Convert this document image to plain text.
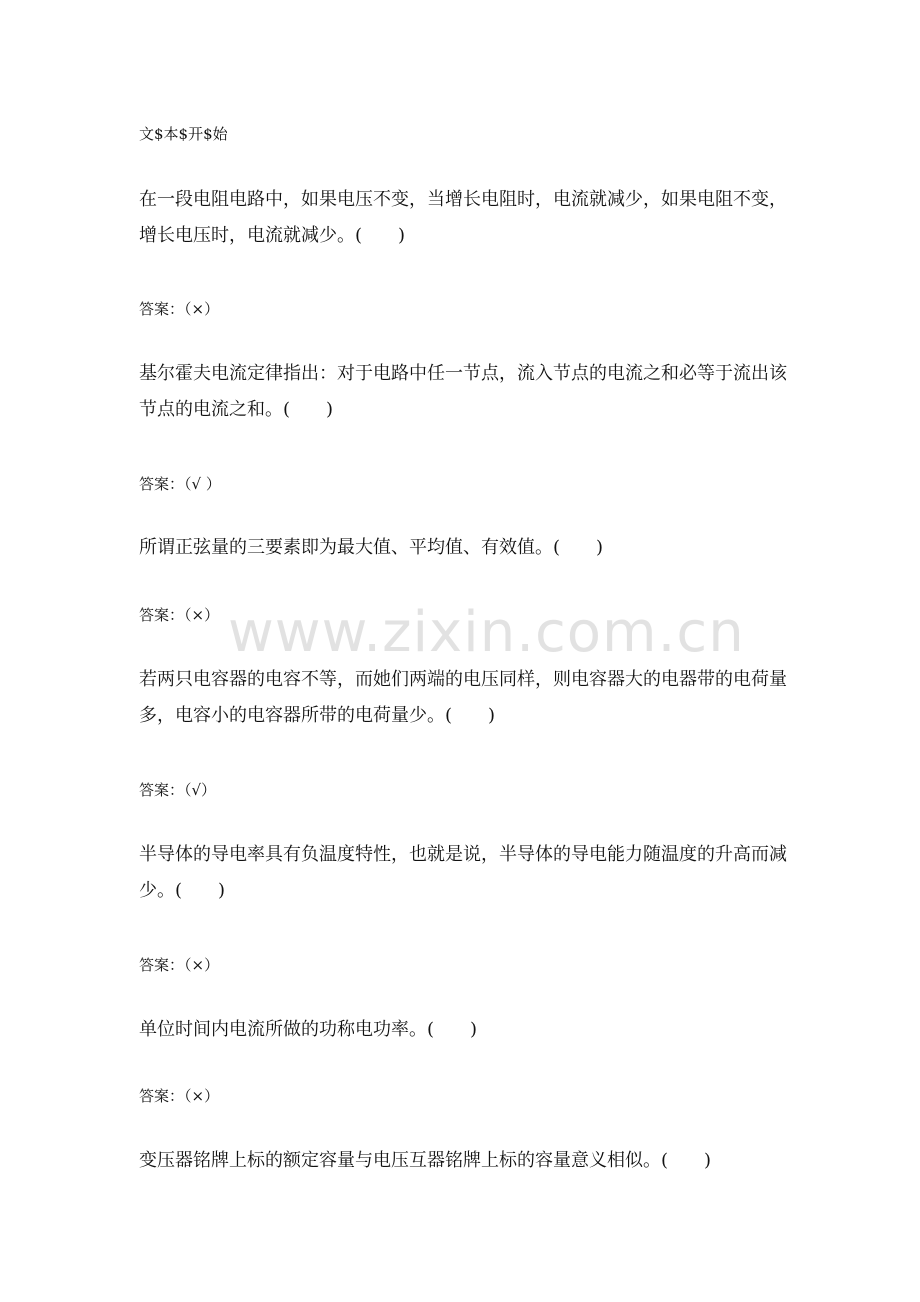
文$本$开$始
在一段电阻电路中，如果电压不变，当增长电阻时，电流就减少，如果电阻不变，增长电压时，电流就减少。(　　)
答案：（×）
基尔霍夫电流定律指出：对于电路中任一节点，流入节点的电流之和必等于流出该节点的电流之和。(　　)
答案：（√ ）
所谓正弦量的三要素即为最大值、平均值、有效值。(　　)
答案：（×）
若两只电容器的电容不等，而她们两端的电压同样，则电容器大的电器带的电荷量多，电容小的电容器所带的电荷量少。(　　)
答案：（√）
半导体的导电率具有负温度特性，也就是说，半导体的导电能力随温度的升高而减少。(　　)
答案：（×）
单位时间内电流所做的功称电功率。(　　)
答案：（×）
变压器铭牌上标的额定容量与电压互器铭牌上标的容量意义相似。(　　)
www.zixin.com.cn
